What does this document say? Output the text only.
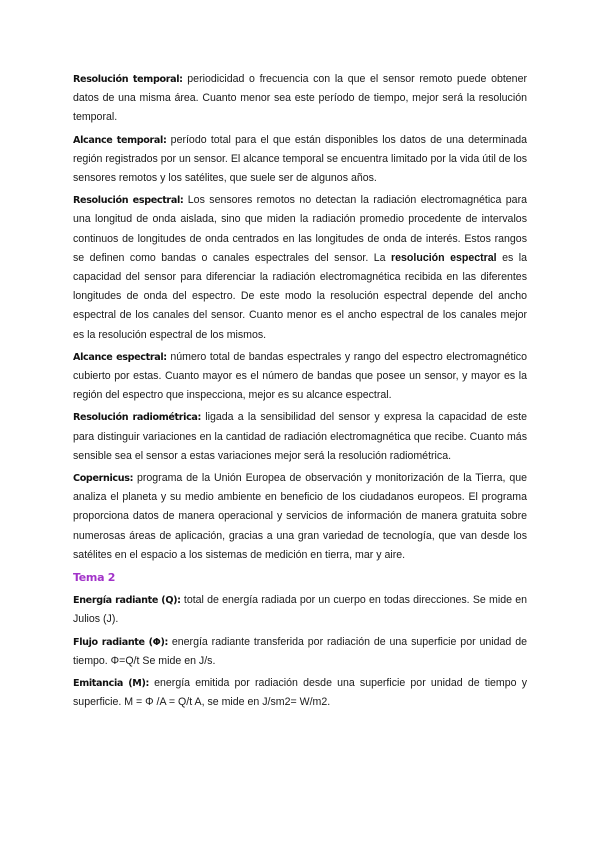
Resolución temporal: periodicidad o frecuencia con la que el sensor remoto puede obtener datos de una misma área. Cuanto menor sea este período de tiempo, mejor será la resolución temporal.

Alcance temporal: período total para el que están disponibles los datos de una determinada región registrados por un sensor. El alcance temporal se encuentra limitado por la vida útil de los sensores remotos y los satélites, que suele ser de algunos años.

Resolución espectral: Los sensores remotos no detectan la radiación electromagnética para una longitud de onda aislada, sino que miden la radiación promedio procedente de intervalos continuos de longitudes de onda centrados en las longitudes de onda de interés. Estos rangos se definen como bandas o canales espectrales del sensor. La resolución espectral es la capacidad del sensor para diferenciar la radiación electromagnética recibida en las diferentes longitudes de onda del espectro. De este modo la resolución espectral depende del ancho espectral de los canales del sensor. Cuanto menor es el ancho espectral de los canales mejor es la resolución espectral de los mismos.

Alcance espectral: número total de bandas espectrales y rango del espectro electromagnético cubierto por estas. Cuanto mayor es el número de bandas que posee un sensor, y mayor es la región del espectro que inspecciona, mejor es su alcance espectral.

Resolución radiométrica: ligada a la sensibilidad del sensor y expresa la capacidad de este para distinguir variaciones en la cantidad de radiación electromagnética que recibe. Cuanto más sensible sea el sensor a estas variaciones mejor será la resolución radiométrica.

Copernicus: programa de la Unión Europea de observación y monitorización de la Tierra, que analiza el planeta y su medio ambiente en beneficio de los ciudadanos europeos. El programa proporciona datos de manera operacional y servicios de información de manera gratuita sobre numerosas áreas de aplicación, gracias a una gran variedad de tecnología, que van desde los satélites en el espacio a los sistemas de medición en tierra, mar y aire.

Tema 2

Energía radiante (Q): total de energía radiada por un cuerpo en todas direcciones. Se mide en Julios (J).

Flujo radiante (Φ): energía radiante transferida por radiación de una superficie por unidad de tiempo. Φ=Q/t Se mide en J/s.

Emitancia (M): energía emitida por radiación desde una superficie por unidad de tiempo y superficie. M = Φ /A = Q/t A, se mide en J/sm2= W/m2.
